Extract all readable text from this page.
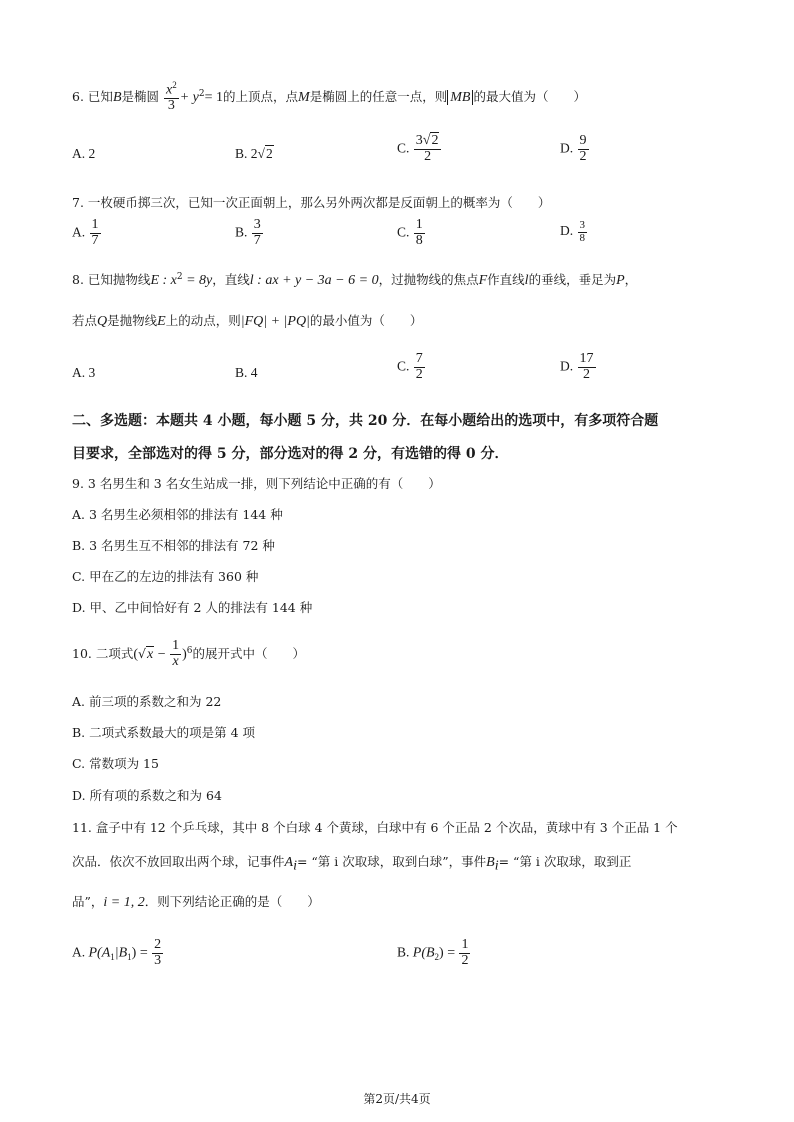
6. 已知B是椭圆 $\frac{x^2}{3} + y^2= 1$的上顶点，点M是椭圆上的任意一点，则 MB 的最大值为（　　）
A. 2	B. 2√2	C. $\frac{3√2}{2}$	D. $\frac{9}{2}$
7. 一枚硬币掷三次，已知一次正面朝上，那么另外两次都是反面朝上的概率为（　　）
A. $\frac{1}{7}$	B. $\frac{3}{7}$	C. $\frac{1}{8}$	D. $\frac{3}{8}$
8. 已知抛物线E : $x^2 = 8y$，直线l : ax + y − 3a − 6 = 0，过抛物线的焦点F作直线l的垂线，垂足为P，
若点Q是抛物线E上的动点，则|FQ| + |PQ|的最小值为（　　）
A. 3	B. 4	C. $\frac{7}{2}$	D. $\frac{17}{2}$
二、多选题：本题共 4 小题，每小题 5 分，共 20 分．在每小题给出的选项中，有多项符合题
目要求，全部选对的得 5 分，部分选对的得 2 分，有选错的得 0 分．
9. 3 名男生和 3 名女生站成一排，则下列结论中正确的有（　　）
A. 3 名男生必须相邻的排法有 144 种
B. 3 名男生互不相邻的排法有 72 种
C. 甲在乙的左边的排法有 360 种
D. 甲、乙中间恰好有 2 人的排法有 144 种
10. 二项式$(√x - \frac{1}{x} )^6$的展开式中（　　）
A. 前三项的系数之和为 22
B. 二项式系数最大的项是第 4 项
C. 常数项为 15
D. 所有项的系数之和为 64
11. 盒子中有 12 个乒乓球，其中 8 个白球 4 个黄球，白球中有 6 个正品 2 个次品，黄球中有 3 个正品 1 个
次品．依次不放回取出两个球，记事件$A_i=$ “第 i 次取球，取到白球”，事件$B_i=$ “第 i 次取球，取到正
品”，i = 1, 2．则下列结论正确的是（　　）
A. $P(A_1|B_1) = \frac{2}{3}$	B. $P(B_2) = \frac{1}{2}$
第2页/共4页
